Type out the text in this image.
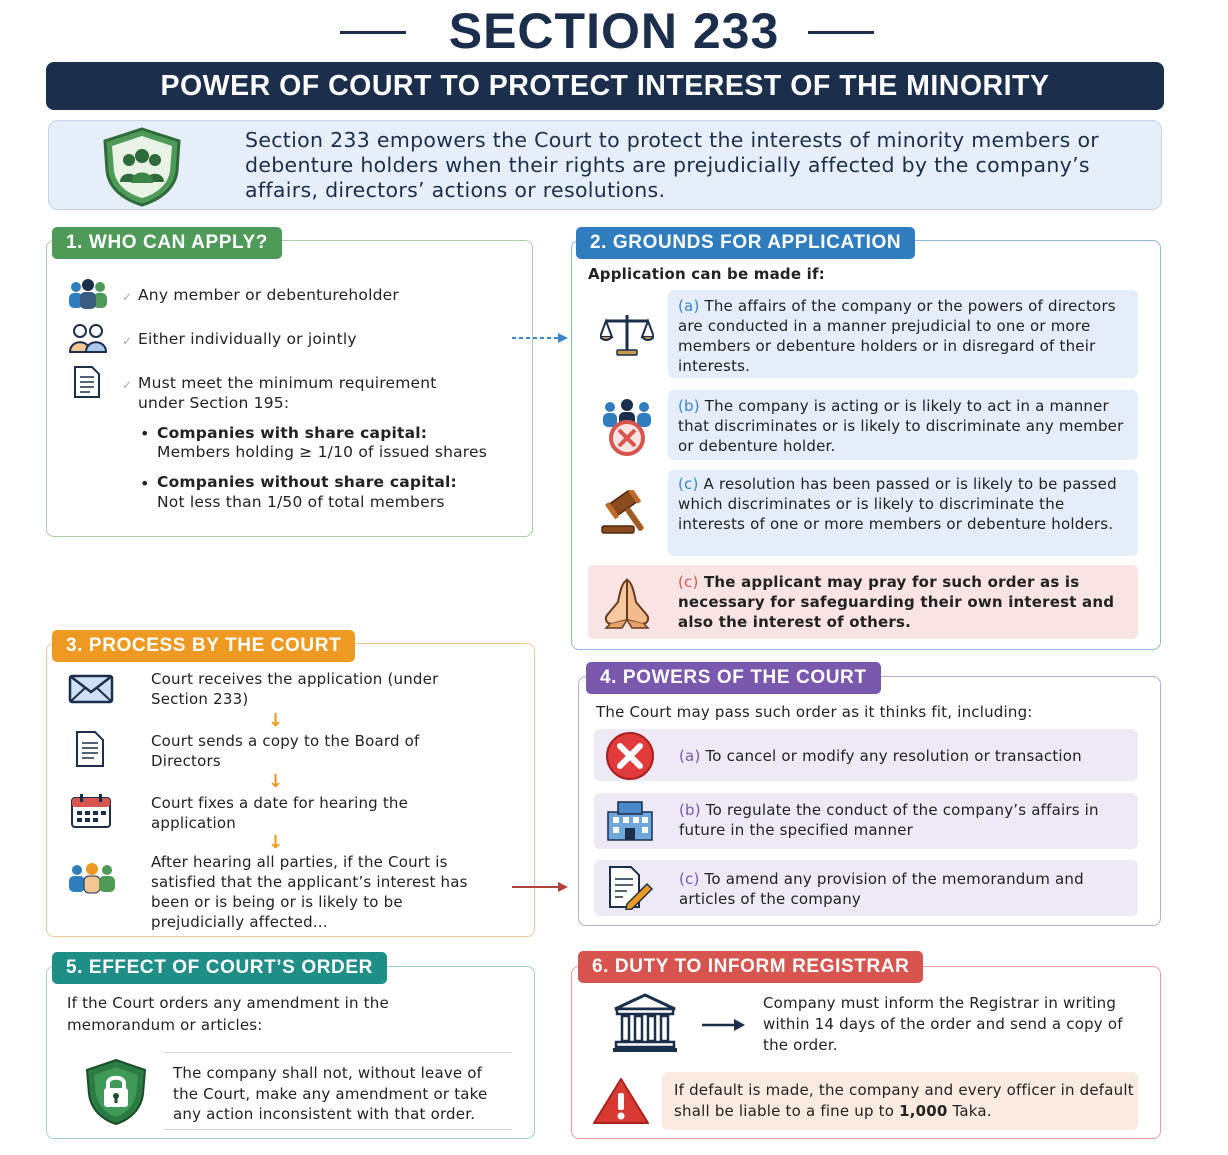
SECTION 233
POWER OF COURT TO PROTECT INTEREST OF THE MINORITY
Section 233 empowers the Court to protect the interests of minority members or debenture holders when their rights are prejudicially affected by the company’s affairs, directors’ actions or resolutions.
1. WHO CAN APPLY?
✓ Any member or debentureholder
✓ Either individually or jointly
✓ Must meet the minimum requirement under Section 195:
• Companies with share capital:
Members holding ≥ 1/10 of issued shares
• Companies without share capital:
Not less than 1/50 of total members
2. GROUNDS FOR APPLICATION
Application can be made if:
(a) The affairs of the company or the powers of directors are conducted in a manner prejudicial to one or more members or debenture holders or in disregard of their interests.
(b) The company is acting or is likely to act in a manner that discriminates or is likely to discriminate any member or debenture holder.
(c) A resolution has been passed or is likely to be passed which discriminates or is likely to discriminate the interests of one or more members or debenture holders.
(c) The applicant may pray for such order as is necessary for safeguarding their own interest and also the interest of others.
3. PROCESS BY THE COURT
Court receives the application (under Section 233)
↓
Court sends a copy to the Board of Directors
↓
Court fixes a date for hearing the application
↓
After hearing all parties, if the Court is satisfied that the applicant’s interest has been or is being or is likely to be prejudicially affected...
4. POWERS OF THE COURT
The Court may pass such order as it thinks fit, including:
(a) To cancel or modify any resolution or transaction
(b) To regulate the conduct of the company’s affairs in future in the specified manner
(c) To amend any provision of the memorandum and articles of the company
5. EFFECT OF COURT’S ORDER
If the Court orders any amendment in the memorandum or articles:
The company shall not, without leave of the Court, make any amendment or take any action inconsistent with that order.
6. DUTY TO INFORM REGISTRAR
Company must inform the Registrar in writing within 14 days of the order and send a copy of the order.
If default is made, the company and every officer in default shall be liable to a fine up to 1,000 Taka.
